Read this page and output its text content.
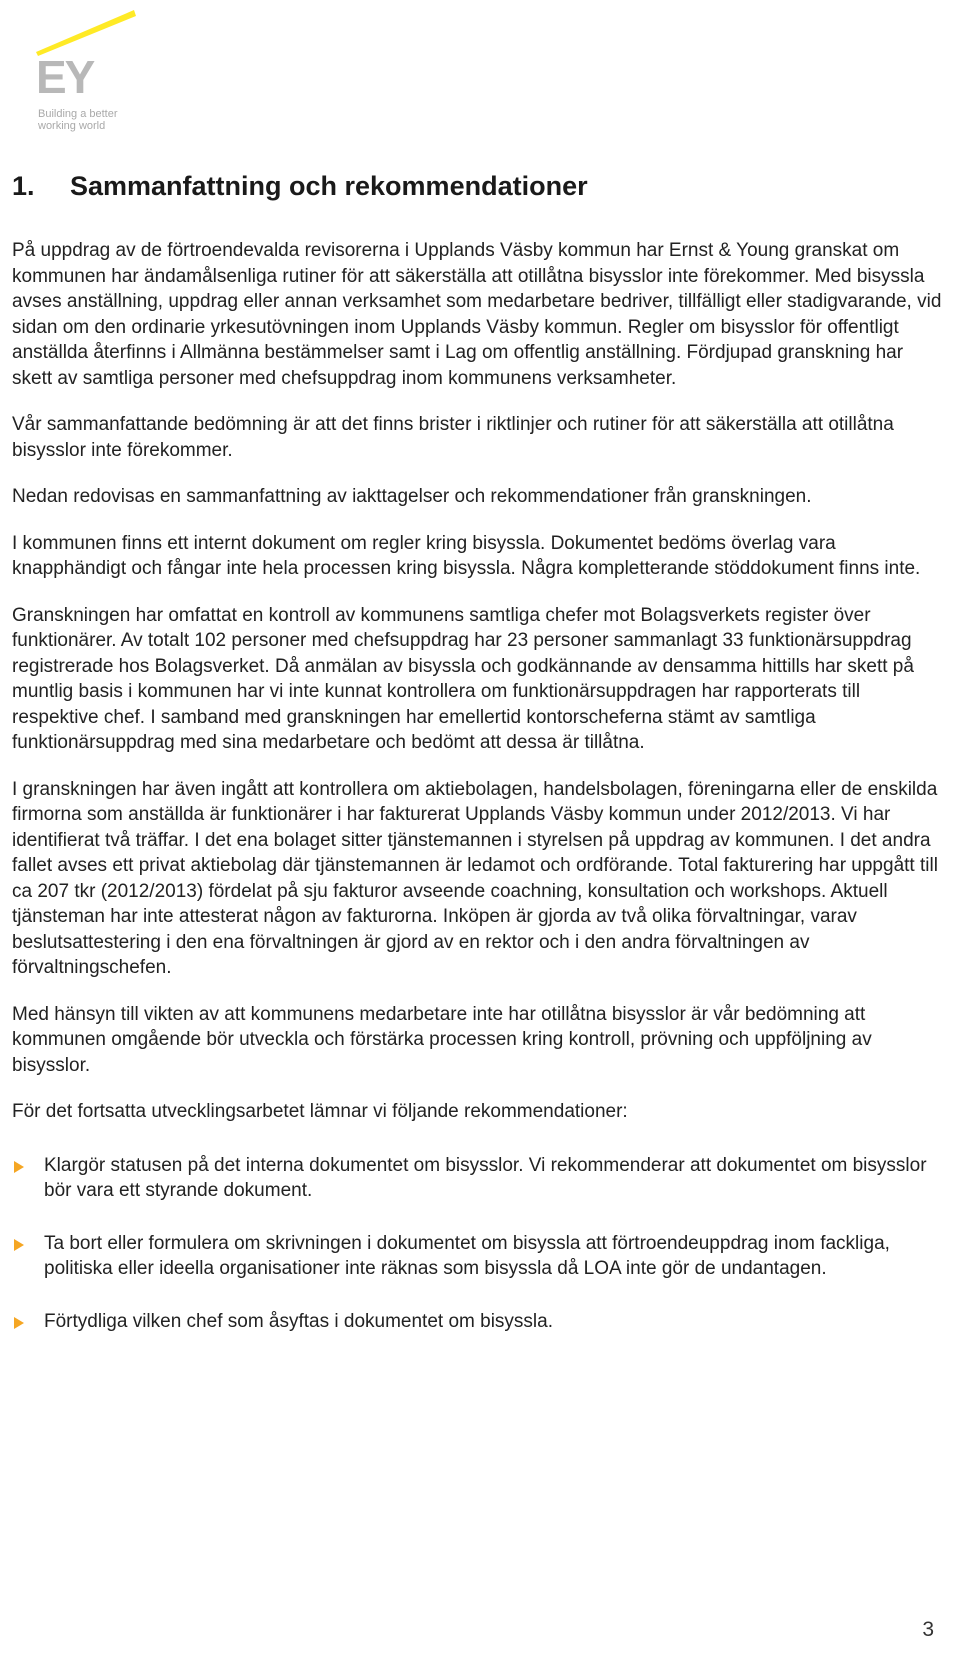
EY
Building a better
working world
1. Sammanfattning och rekommendationer

På uppdrag av de förtroendevalda revisorerna i Upplands Väsby kommun har Ernst & Young granskat om kommunen har ändamålsenliga rutiner för att säkerställa att otillåtna bisysslor inte förekommer. Med bisyssla avses anställning, uppdrag eller annan verksamhet som medarbetare bedriver, tillfälligt eller stadigvarande, vid sidan om den ordinarie yrkesutövningen inom Upplands Väsby kommun. Regler om bisysslor för offentligt anställda återfinns i Allmänna bestämmelser samt i Lag om offentlig anställning. Fördjupad granskning har skett av samtliga personer med chefsuppdrag inom kommunens verksamheter.

Vår sammanfattande bedömning är att det finns brister i riktlinjer och rutiner för att säkerställa att otillåtna bisysslor inte förekommer.

Nedan redovisas en sammanfattning av iakttagelser och rekommendationer från granskningen.

I kommunen finns ett internt dokument om regler kring bisyssla. Dokumentet bedöms överlag vara knapphändigt och fångar inte hela processen kring bisyssla. Några kompletterande stöddokument finns inte.

Granskningen har omfattat en kontroll av kommunens samtliga chefer mot Bolagsverkets register över funktionärer. Av totalt 102 personer med chefsuppdrag har 23 personer sammanlagt 33 funktionärsuppdrag registrerade hos Bolagsverket. Då anmälan av bisyssla och godkännande av densamma hittills har skett på muntlig basis i kommunen har vi inte kunnat kontrollera om funktionärsuppdragen har rapporterats till respektive chef. I samband med granskningen har emellertid kontorscheferna stämt av samtliga funktionärsuppdrag med sina medarbetare och bedömt att dessa är tillåtna.

I granskningen har även ingått att kontrollera om aktiebolagen, handelsbolagen, föreningarna eller de enskilda firmorna som anställda är funktionärer i har fakturerat Upplands Väsby kommun under 2012/2013. Vi har identifierat två träffar. I det ena bolaget sitter tjänstemannen i styrelsen på uppdrag av kommunen. I det andra fallet avses ett privat aktiebolag där tjänstemannen är ledamot och ordförande. Total fakturering har uppgått till ca 207 tkr (2012/2013) fördelat på sju fakturor avseende coachning, konsultation och workshops. Aktuell tjänsteman har inte attesterat någon av fakturorna. Inköpen är gjorda av två olika förvaltningar, varav beslutsattestering i den ena förvaltningen är gjord av en rektor och i den andra förvaltningen av förvaltningschefen.

Med hänsyn till vikten av att kommunens medarbetare inte har otillåtna bisysslor är vår bedömning att kommunen omgående bör utveckla och förstärka processen kring kontroll, prövning och uppföljning av bisysslor.

För det fortsatta utvecklingsarbetet lämnar vi följande rekommendationer:

Klargör statusen på det interna dokumentet om bisysslor. Vi rekommenderar att dokumentet om bisysslor bör vara ett styrande dokument.
Ta bort eller formulera om skrivningen i dokumentet om bisyssla att förtroendeuppdrag inom fackliga, politiska eller ideella organisationer inte räknas som bisyssla då LOA inte gör de undantagen.
Förtydliga vilken chef som åsyftas i dokumentet om bisyssla.
3
